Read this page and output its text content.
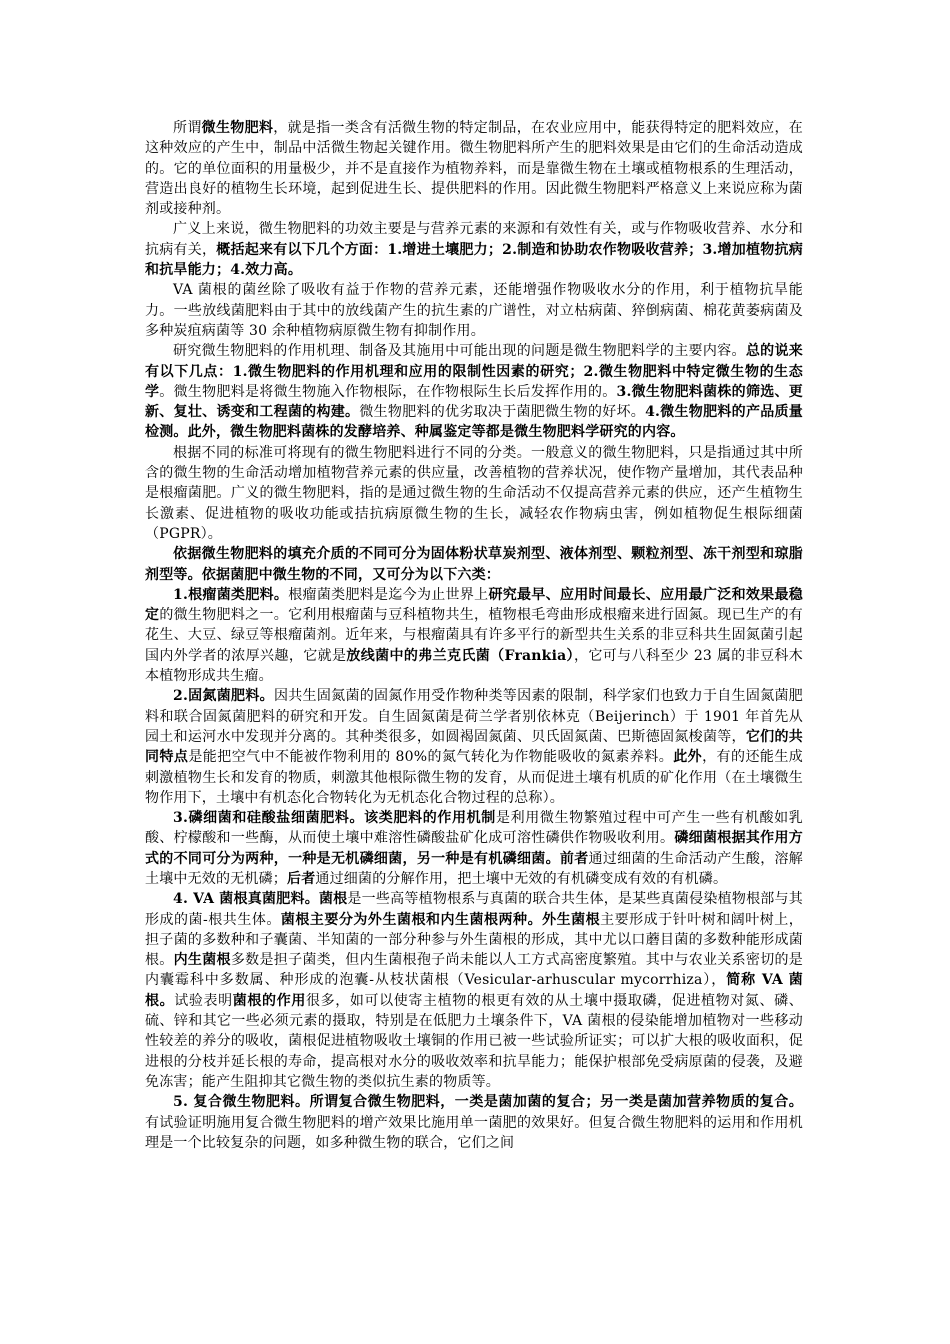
所谓微生物肥料，就是指一类含有活微生物的特定制品，在农业应用中，能获得特定的肥料效应，在这种效应的产生中，制品中活微生物起关键作用。微生物肥料所产生的肥料效果是由它们的生命活动造成的。它的单位面积的用量极少，并不是直接作为植物养料，而是靠微生物在土壤或植物根系的生理活动，营造出良好的植物生长环境，起到促进生长、提供肥料的作用。因此微生物肥料严格意义上来说应称为菌剂或接种剂。

广义上来说，微生物肥料的功效主要是与营养元素的来源和有效性有关，或与作物吸收营养、水分和抗病有关，概括起来有以下几个方面：1.增进土壤肥力；2.制造和协助农作物吸收营养；3.增加植物抗病和抗旱能力；4.效力高。

VA 菌根的菌丝除了吸收有益于作物的营养元素，还能增强作物吸收水分的作用，利于植物抗旱能力。一些放线菌肥料由于其中的放线菌产生的抗生素的广谱性，对立枯病菌、猝倒病菌、棉花黄萎病菌及多种炭疽病菌等 30 余种植物病原微生物有抑制作用。

研究微生物肥料的作用机理、制备及其施用中可能出现的问题是微生物肥料学的主要内容。总的说来有以下几点：1.微生物肥料的作用机理和应用的限制性因素的研究；2.微生物肥料中特定微生物的生态学。微生物肥料是将微生物施入作物根际，在作物根际生长后发挥作用的。3.微生物肥料菌株的筛选、更新、复壮、诱变和工程菌的构建。微生物肥料的优劣取决于菌肥微生物的好坏。4.微生物肥料的产品质量检测。此外，微生物肥料菌株的发酵培养、种属鉴定等都是微生物肥料学研究的内容。

根据不同的标准可将现有的微生物肥料进行不同的分类。一般意义的微生物肥料，只是指通过其中所含的微生物的生命活动增加植物营养元素的供应量，改善植物的营养状况，使作物产量增加，其代表品种是根瘤菌肥。广义的微生物肥料，指的是通过微生物的生命活动不仅提高营养元素的供应，还产生植物生长激素、促进植物的吸收功能或拮抗病原微生物的生长，减轻农作物病虫害，例如植物促生根际细菌（PGPR）。

依据微生物肥料的填充介质的不同可分为固体粉状草炭剂型、液体剂型、颗粒剂型、冻干剂型和琼脂剂型等。依据菌肥中微生物的不同，又可分为以下六类：

1.根瘤菌类肥料。根瘤菌类肥料是迄今为止世界上研究最早、应用时间最长、应用最广泛和效果最稳定的微生物肥料之一。它利用根瘤菌与豆科植物共生，植物根毛弯曲形成根瘤来进行固氮。现已生产的有花生、大豆、绿豆等根瘤菌剂。近年来，与根瘤菌具有许多平行的新型共生关系的非豆科共生固氮菌引起国内外学者的浓厚兴趣，它就是放线菌中的弗兰克氏菌（Frankia），它可与八科至少 23 属的非豆科木本植物形成共生瘤。

2.固氮菌肥料。因共生固氮菌的固氮作用受作物种类等因素的限制，科学家们也致力于自生固氮菌肥料和联合固氮菌肥料的研究和开发。自生固氮菌是荷兰学者别依林克（Beijerinch）于 1901 年首先从园土和运河水中发现并分离的。其种类很多，如圆褐固氮菌、贝氏固氮菌、巴斯德固氮梭菌等，它们的共同特点是能把空气中不能被作物利用的 80%的氮气转化为作物能吸收的氮素养料。此外，有的还能生成刺激植物生长和发育的物质，刺激其他根际微生物的发育，从而促进土壤有机质的矿化作用（在土壤微生物作用下，土壤中有机态化合物转化为无机态化合物过程的总称）。

3.磷细菌和硅酸盐细菌肥料。该类肥料的作用机制是利用微生物繁殖过程中可产生一些有机酸如乳酸、柠檬酸和一些酶，从而使土壤中难溶性磷酸盐矿化成可溶性磷供作物吸收利用。磷细菌根据其作用方式的不同可分为两种，一种是无机磷细菌，另一种是有机磷细菌。前者通过细菌的生命活动产生酸，溶解土壤中无效的无机磷；后者通过细菌的分解作用，把土壤中无效的有机磷变成有效的有机磷。

4. VA 菌根真菌肥料。菌根是一些高等植物根系与真菌的联合共生体，是某些真菌侵染植物根部与其形成的菌-根共生体。菌根主要分为外生菌根和内生菌根两种。外生菌根主要形成于针叶树和阔叶树上，担子菌的多数种和子囊菌、半知菌的一部分种参与外生菌根的形成，其中尤以口蘑目菌的多数种能形成菌根。内生菌根多数是担子菌类，但内生菌根孢子尚未能以人工方式高密度繁殖。其中与农业关系密切的是内囊霉科中多数属、种形成的泡囊-从枝状菌根（Vesicular-arhuscular mycorrhiza），简称 VA 菌根。试验表明菌根的作用很多，如可以使寄主植物的根更有效的从土壤中摄取磷，促进植物对氮、磷、硫、锌和其它一些必须元素的摄取，特别是在低肥力土壤条件下，VA 菌根的侵染能增加植物对一些移动性较差的养分的吸收，菌根促进植物吸收土壤铜的作用已被一些试验所证实；可以扩大根的吸收面积，促进根的分枝并延长根的寿命，提高根对水分的吸收效率和抗旱能力；能保护根部免受病原菌的侵袭，及避免冻害；能产生阻抑其它微生物的类似抗生素的物质等。

5. 复合微生物肥料。所谓复合微生物肥料，一类是菌加菌的复合；另一类是菌加营养物质的复合。有试验证明施用复合微生物肥料的增产效果比施用单一菌肥的效果好。但复合微生物肥料的运用和作用机理是一个比较复杂的问题，如多种微生物的联合，它们之间
